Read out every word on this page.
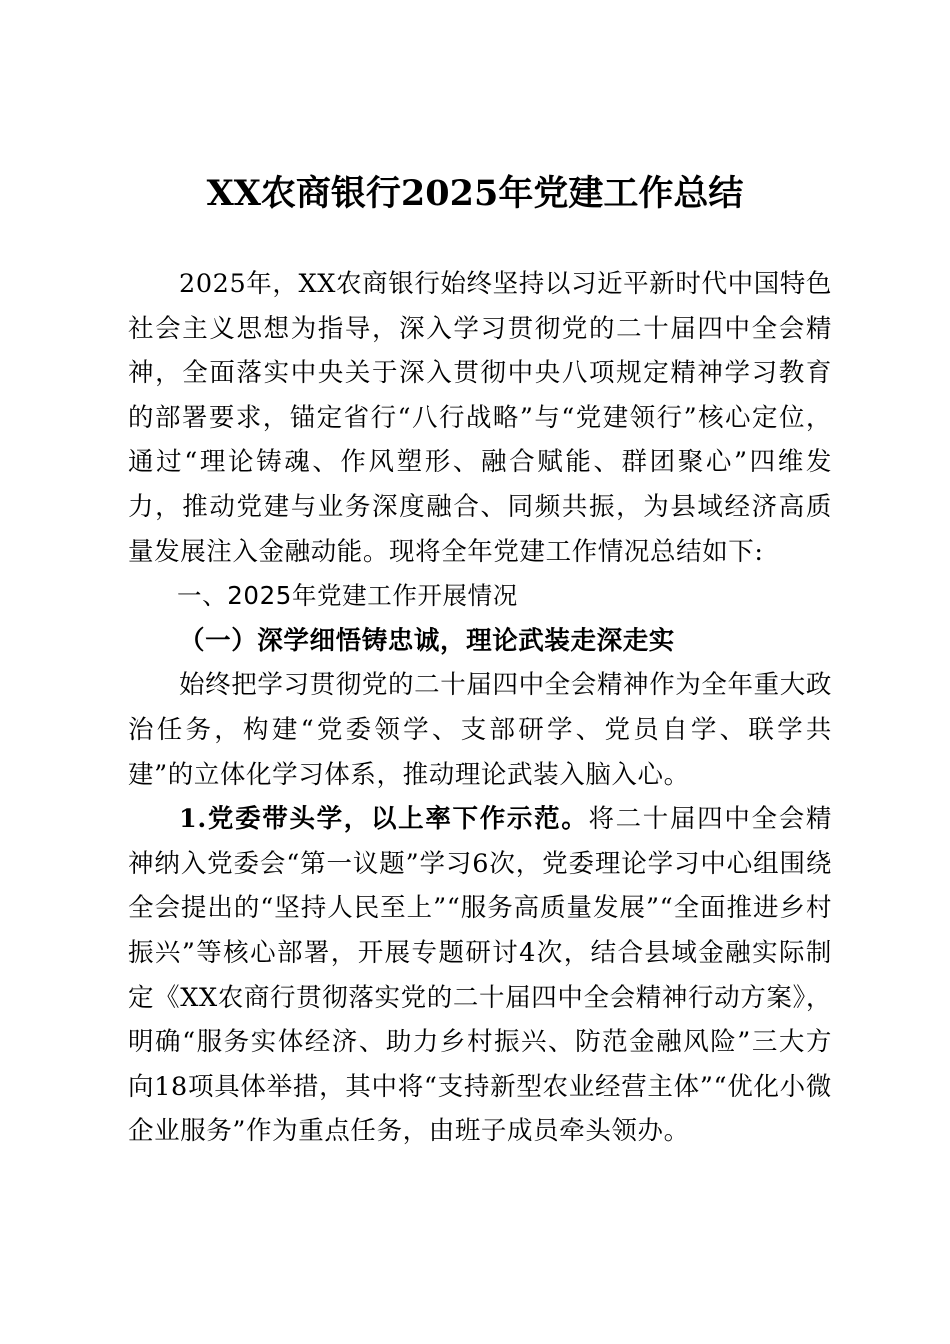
XX农商银行2025年党建工作总结

2025年，XX农商银行始终坚持以习近平新时代中国特色社会主义思想为指导，深入学习贯彻党的二十届四中全会精神，全面落实中央关于深入贯彻中央八项规定精神学习教育的部署要求，锚定省行“八行战略”与“党建领行”核心定位，通过“理论铸魂、作风塑形、融合赋能、群团聚心”四维发力，推动党建与业务深度融合、同频共振，为县域经济高质量发展注入金融动能。现将全年党建工作情况总结如下:

一、2025年党建工作开展情况

（一）深学细悟铸忠诚，理论武装走深走实

始终把学习贯彻党的二十届四中全会精神作为全年重大政治任务，构建“党委领学、支部研学、党员自学、联学共建”的立体化学习体系，推动理论武装入脑入心。

1.党委带头学，以上率下作示范。将二十届四中全会精神纳入党委会“第一议题”学习6次，党委理论学习中心组围绕全会提出的“坚持人民至上”“服务高质量发展”“全面推进乡村振兴”等核心部署，开展专题研讨4次，结合县域金融实际制定《XX农商行贯彻落实党的二十届四中全会精神行动方案》，明确“服务实体经济、助力乡村振兴、防范金融风险”三大方向18项具体举措，其中将“支持新型农业经营主体”“优化小微企业服务”作为重点任务，由班子成员牵头领办。
